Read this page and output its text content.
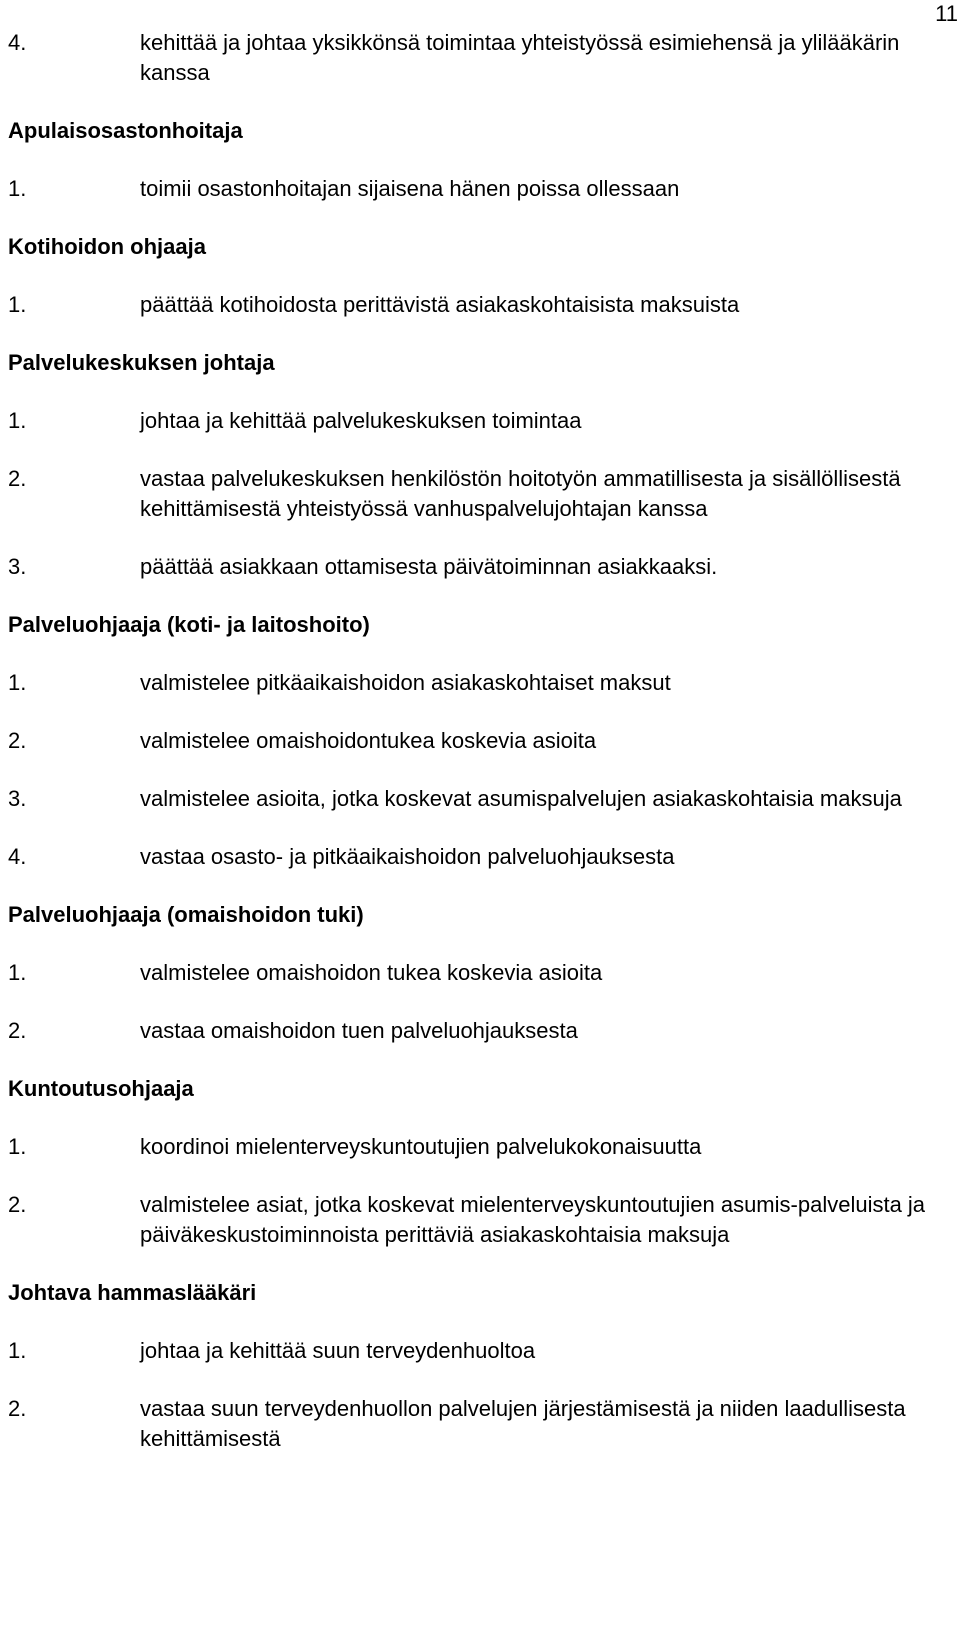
11
4.	kehittää ja johtaa yksikkönsä toimintaa yhteistyössä esimiehensä ja ylilääkärin kanssa
Apulaisosastonhoitaja
1.	toimii osastonhoitajan sijaisena hänen poissa ollessaan
Kotihoidon ohjaaja
1.	päättää kotihoidosta perittävistä asiakaskohtaisista maksuista
Palvelukeskuksen johtaja
1.	johtaa ja kehittää palvelukeskuksen toimintaa
2.	vastaa palvelukeskuksen henkilöstön hoitotyön ammatillisesta ja sisällöllisestä kehittämisestä yhteistyössä vanhuspalvelujohtajan kanssa
3.	päättää asiakkaan ottamisesta päivätoiminnan asiakkaaksi.
Palveluohjaaja (koti- ja laitoshoito)
1.	valmistelee pitkäaikaishoidon asiakaskohtaiset maksut
2.	valmistelee omaishoidontukea koskevia asioita
3.	valmistelee asioita, jotka koskevat asumispalvelujen asiakaskohtaisia maksuja
4.	vastaa osasto- ja pitkäaikaishoidon palveluohjauksesta
Palveluohjaaja (omaishoidon tuki)
1.	valmistelee omaishoidon tukea koskevia asioita
2.	vastaa omaishoidon tuen palveluohjauksesta
Kuntoutusohjaaja
1.	koordinoi mielenterveyskuntoutujien palvelukokonaisuutta
2.	valmistelee asiat, jotka koskevat mielenterveyskuntoutujien asumis-palveluista ja päiväkeskustoiminnoista perittäviä asiakaskohtaisia maksuja
Johtava hammaslääkäri
1.	johtaa ja kehittää suun terveydenhuoltoa
2.	vastaa suun terveydenhuollon palvelujen järjestämisestä ja niiden laadullisesta kehittämisestä
